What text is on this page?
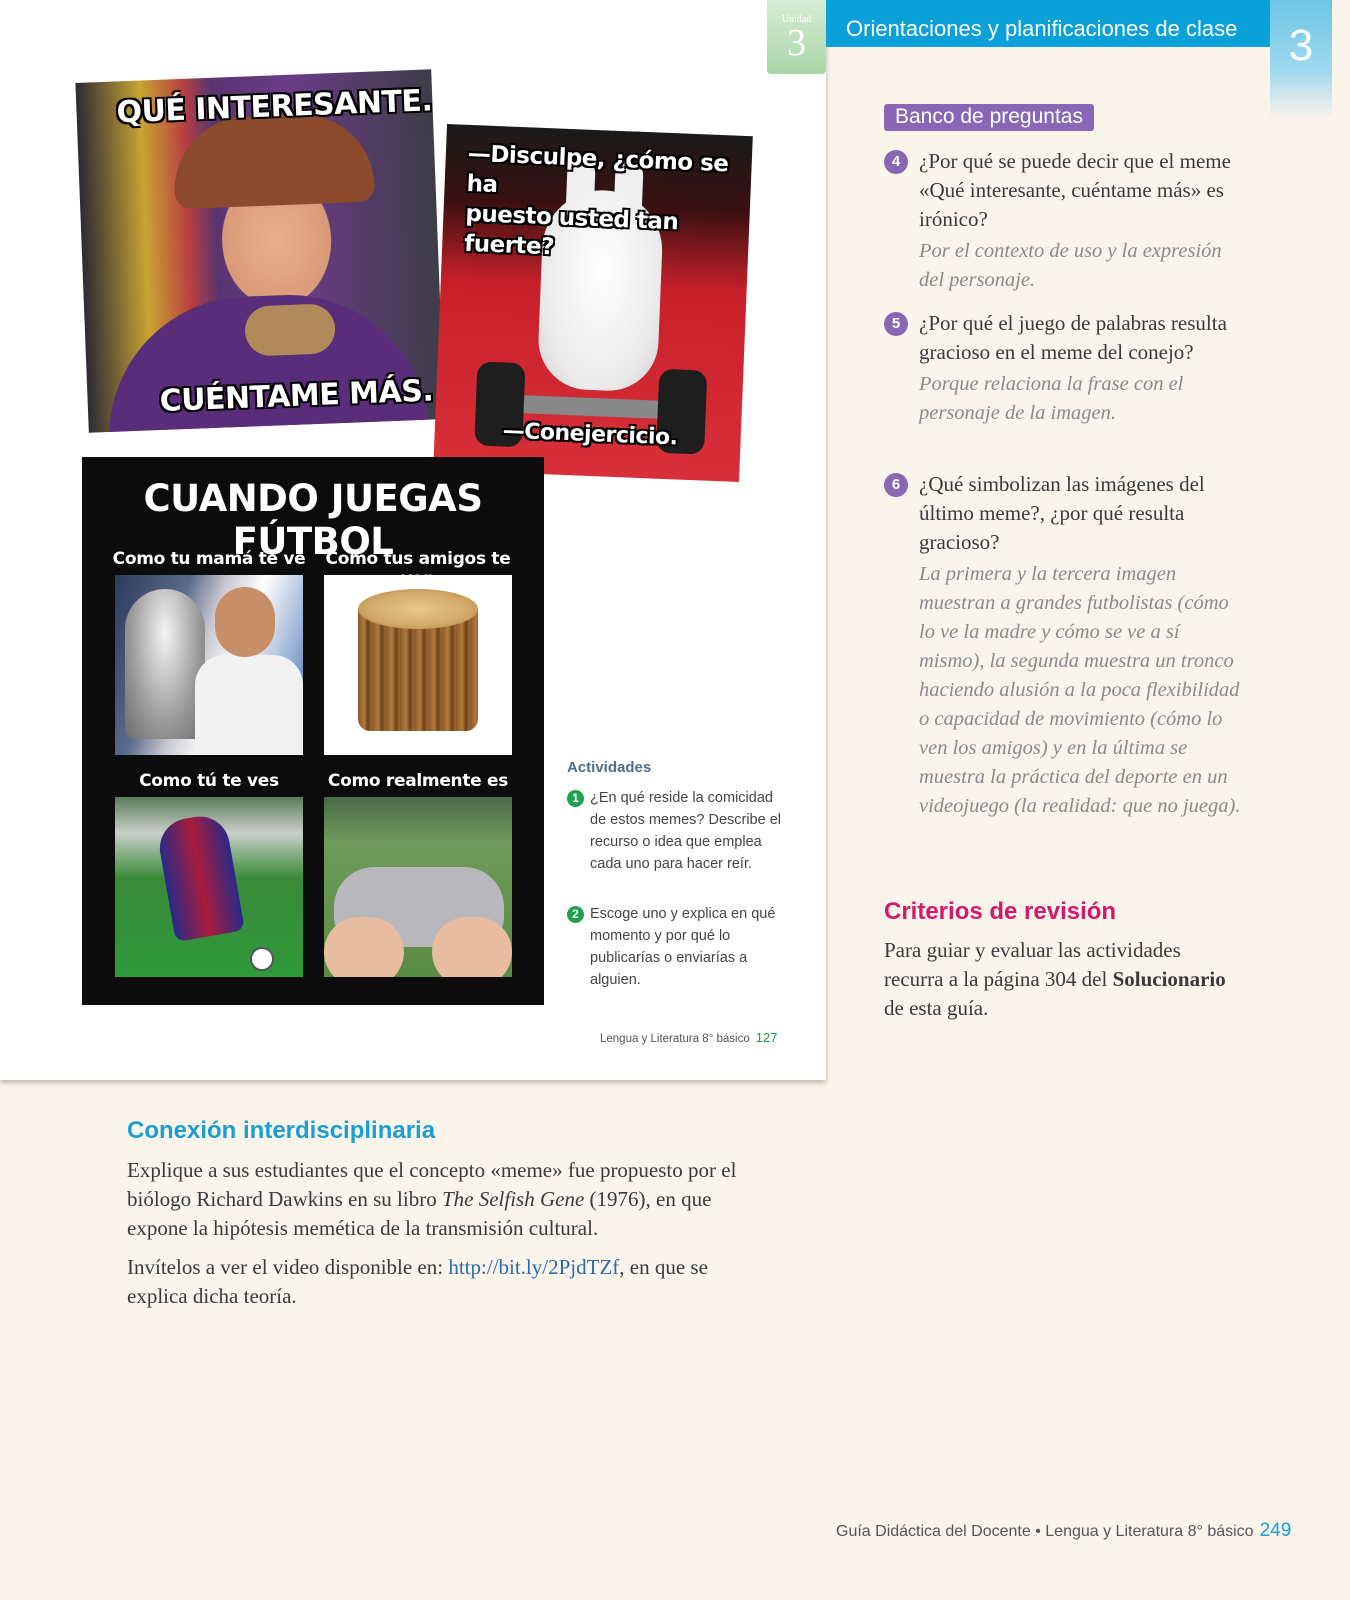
QUÉ INTERESANTE.
CUÉNTAME MÁS.
—Disculpe, ¿cómo se ha
puesto usted tan fuerte?
—Conejercicio.
CUANDO JUEGAS FÚTBOL
Como tu mamá te ve	Como tus amigos te
Como tú te ves	Como realmente es
Actividades
1 ¿En qué reside la comicidad de estos memes? Describe el recurso o idea que emplea cada uno para hacer reír.
2 Escoge uno y explica en qué momento y por qué lo publicarías o enviarías a alguien.
Lengua y Literatura 8° básico 127
Unidad
3	Orientaciones y planificaciones de clase	3
Banco de preguntas
4 ¿Por qué se puede decir que el meme «Qué interesante, cuéntame más» es irónico?
Por el contexto de uso y la expresión del personaje.
5 ¿Por qué el juego de palabras resulta gracioso en el meme del conejo?
Porque relaciona la frase con el personaje de la imagen.
6 ¿Qué simbolizan las imágenes del último meme?, ¿por qué resulta gracioso?
La primera y la tercera imagen muestran a grandes futbolistas (cómo lo ve la madre y cómo se ve a sí mismo), la segunda muestra un tronco haciendo alusión a la poca flexibilidad o capacidad de movimiento (cómo lo ven los amigos) y en la última se muestra la práctica del deporte en un videojuego (la realidad: que no juega).
Criterios de revisión
Para guiar y evaluar las actividades recurra a la página 304 del Solucionario de esta guía.
Conexión interdisciplinaria
Explique a sus estudiantes que el concepto «meme» fue propuesto por el biólogo Richard Dawkins en su libro The Selfish Gene (1976), en que expone la hipótesis memética de la transmisión cultural.
Invítelos a ver el video disponible en: http://bit.ly/2PjdTZf, en que se explica dicha teoría.
Guía Didáctica del Docente • Lengua y Literatura 8° básico 249
